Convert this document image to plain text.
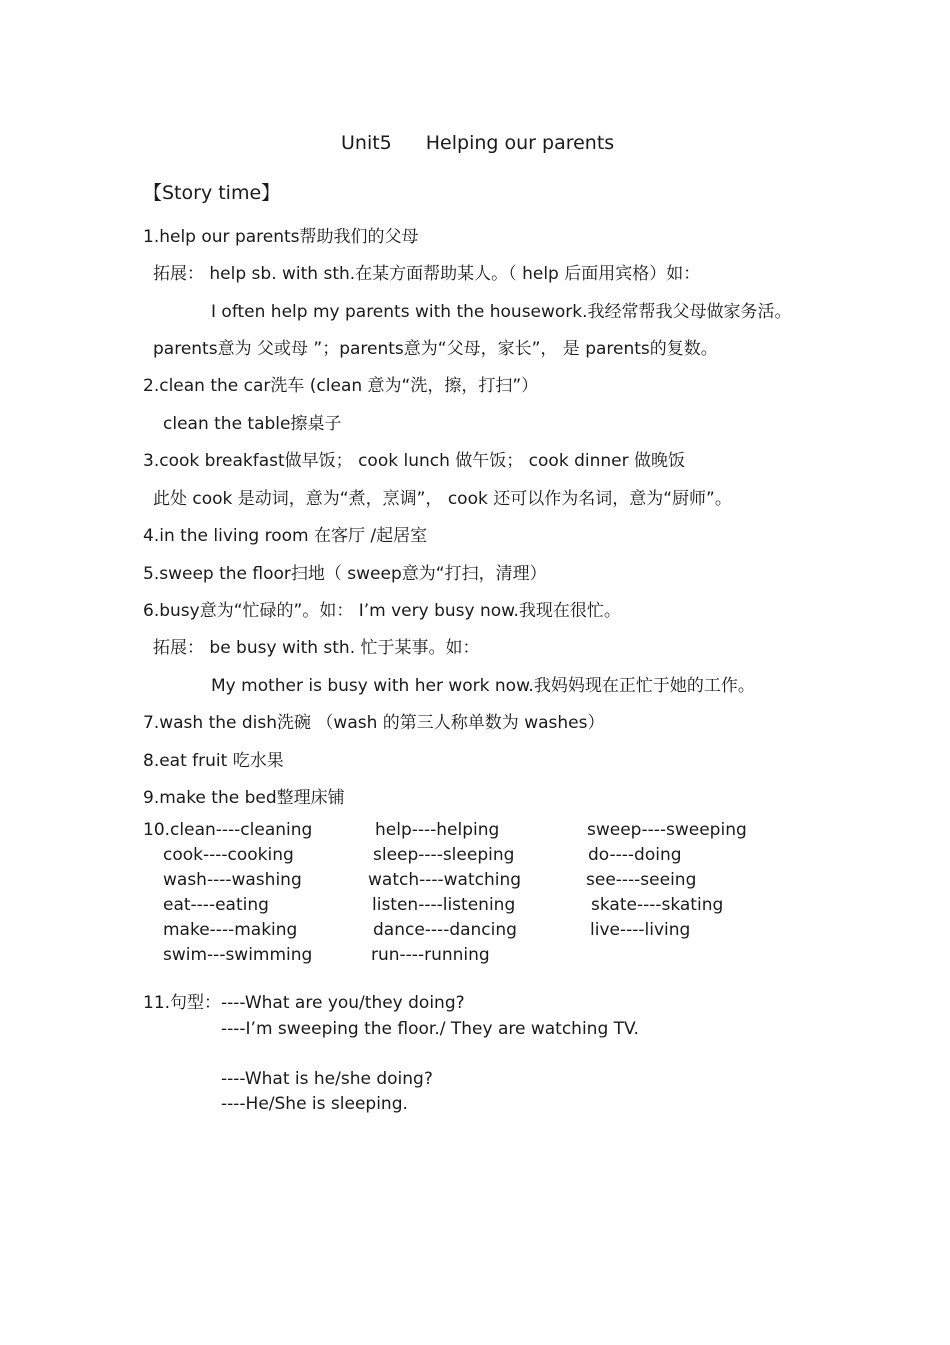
Unit5 Helping our parents
【Story time】
1.help our parents帮助我们的父母
拓展： help sb. with sth.在某方面帮助某人。（ help 后面用宾格）如：
I often help my parents with the housework.我经常帮我父母做家务活。
parents意为 父或母 ”；parents意为“父母，家长”， 是 parents的复数。
2.clean the car洗车 (clean 意为“洗，擦，打扫”）
clean the table擦桌子
3.cook breakfast做早饭； cook lunch 做午饭； cook dinner 做晚饭
此处 cook 是动词，意为“煮，烹调”， cook 还可以作为名词，意为“厨师”。
4.in the living room 在客厅 /起居室
5.sweep the floor扫地（ sweep意为“打扫，清理）
6.busy意为“忙碌的”。如： I’m very busy now.我现在很忙。
拓展： be busy with sth. 忙于某事。如：
My mother is busy with her work now.我妈妈现在正忙于她的工作。
7.wash the dish洗碗 （wash 的第三人称单数为 washes）
8.eat fruit 吃水果
9.make the bed整理床铺
10.clean----cleaning	help----helping	sweep----sweeping
cook----cooking	sleep----sleeping	do----doing
wash----washing	watch----watching	see----seeing
eat----eating	listen----listening	skate----skating
make----making	dance----dancing	live----living
swim---swimming	run----running
11.句型： ----What are you/they doing?
----I’m sweeping the floor./ They are watching TV.
----What is he/she doing?
----He/She is sleeping.
